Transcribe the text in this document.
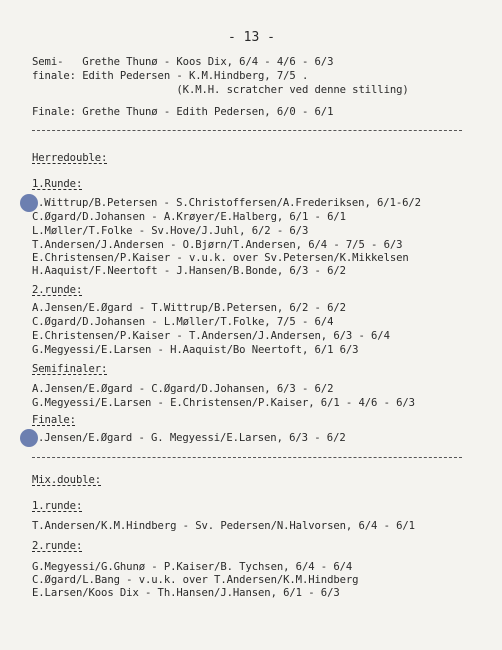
- 13 -
Semi-   Grethe Thunø - Koos Dix, 6/4 - 4/6 - 6/3
finale: Edith Pedersen - K.M.Hindberg, 7/5 .
(K.M.H. scratcher ved denne stilling)
Finale: Grethe Thunø - Edith Pedersen, 6/0 - 6/1
Herredouble:
1.Runde:
.Wittrup/B.Petersen - S.Christoffersen/A.Frederiksen, 6/1-6/2
C.Øgard/D.Johansen - A.Krøyer/E.Halberg, 6/1 - 6/1
L.Møller/T.Folke - Sv.Hove/J.Juhl, 6/2 - 6/3
T.Andersen/J.Andersen - O.Bjørn/T.Andersen, 6/4 - 7/5 - 6/3
E.Christensen/P.Kaiser - v.u.k. over Sv.Petersen/K.Mikkelsen
H.Aaquist/F.Neertoft - J.Hansen/B.Bonde, 6/3 - 6/2
2.runde:
A.Jensen/E.Øgard - T.Wittrup/B.Petersen, 6/2 - 6/2
C.Øgard/D.Johansen - L.Møller/T.Folke, 7/5 - 6/4
E.Christensen/P.Kaiser - T.Andersen/J.Andersen, 6/3 - 6/4
G.Megyessi/E.Larsen - H.Aaquist/Bo Neertoft, 6/1 6/3
Semifinaler:
A.Jensen/E.Øgard - C.Øgard/D.Johansen, 6/3 - 6/2
G.Megyessi/E.Larsen - E.Christensen/P.Kaiser, 6/1 - 4/6 - 6/3
Finale:
.Jensen/E.Øgard - G. Megyessi/E.Larsen, 6/3 - 6/2
Mix.double:
1.runde:
T.Andersen/K.M.Hindberg - Sv. Pedersen/N.Halvorsen, 6/4 - 6/1
2.runde:
G.Megyessi/G.Ghunø - P.Kaiser/B. Tychsen, 6/4 - 6/4
C.Øgard/L.Bang - v.u.k. over T.Andersen/K.M.Hindberg
E.Larsen/Koos Dix - Th.Hansen/J.Hansen, 6/1 - 6/3
